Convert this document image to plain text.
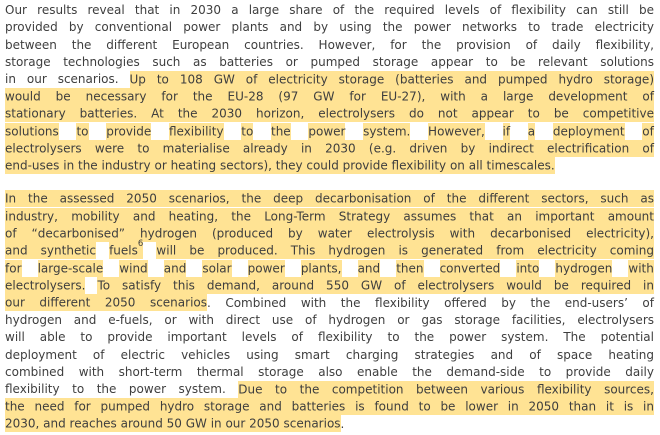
Our results reveal that in 2030 a large share of the required levels of flexibility can still be
provided by conventional power plants and by using the power networks to trade electricity
between the different European countries. However, for the provision of daily flexibility,
storage technologies such as batteries or pumped storage appear to be relevant solutions
in our scenarios. Up to 108 GW of electricity storage (batteries and pumped hydro storage)
would be necessary for the EU-28 (97 GW for EU-27), with a large development of
stationary batteries. At the 2030 horizon, electrolysers do not appear to be competitive
solutions to provide flexibility to the power system. However, if a deployment of
electrolysers were to materialise already in 2030 (e.g. driven by indirect electrification of
end-uses in the industry or heating sectors), they could provide flexibility on all timescales.
In the assessed 2050 scenarios, the deep decarbonisation of the different sectors, such as
industry, mobility and heating, the Long-Term Strategy assumes that an important amount
of “decarbonised” hydrogen (produced by water electrolysis with decarbonised electricity),
and synthetic fuels$^6$ will be produced. This hydrogen is generated from electricity coming
for large-scale wind and solar power plants, and then converted into hydrogen with
electrolysers. To satisfy this demand, around 550 GW of electrolysers would be required in
our different 2050 scenarios. Combined with the flexibility offered by the end-users’ of
hydrogen and e-fuels, or with direct use of hydrogen or gas storage facilities, electrolysers
will able to provide important levels of flexibility to the power system. The potential
deployment of electric vehicles using smart charging strategies and of space heating
combined with short-term thermal storage also enable the demand-side to provide daily
flexibility to the power system. Due to the competition between various flexibility sources,
the need for pumped hydro storage and batteries is found to be lower in 2050 than it is in
2030, and reaches around 50 GW in our 2050 scenarios.
